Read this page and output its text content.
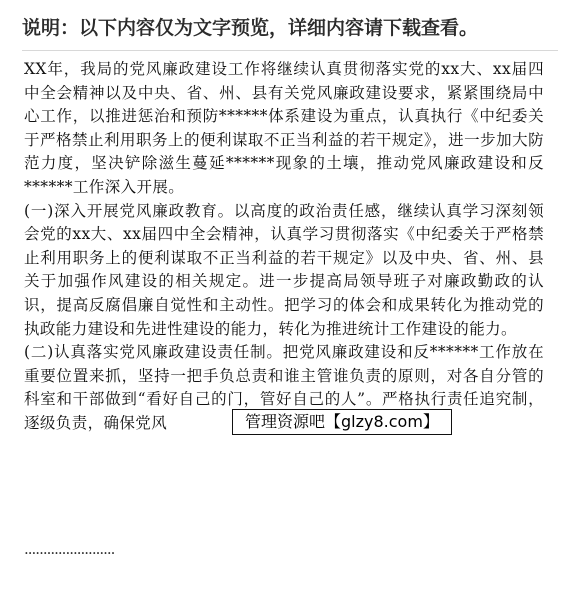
说明：以下内容仅为文字预览，详细内容请下载查看。

XX年，我局的党风廉政建设工作将继续认真贯彻落实党的xx大、xx届四中全会精神以及中央、省、州、县有关党风廉政建设要求，紧紧围绕局中心工作，以推进惩治和预防******体系建设为重点，认真执行《中纪委关于严格禁止利用职务上的便利谋取不正当利益的若干规定》，进一步加大防范力度，坚决铲除滋生蔓延******现象的土壤，推动党风廉政建设和反******工作深入开展。

(一)深入开展党风廉政教育。以高度的政治责任感，继续认真学习深刻领会党的xx大、xx届四中全会精神，认真学习贯彻落实《中纪委关于严格禁止利用职务上的便利谋取不正当利益的若干规定》以及中央、省、州、县关于加强作风建设的相关规定。进一步提高局领导班子对廉政勤政的认识，提高反腐倡廉自觉性和主动性。把学习的体会和成果转化为推动党的执政能力建设和先进性建设的能力，转化为推进统计工作建设的能力。

(二)认真落实党风廉政建设责任制。把党风廉政建设和反******工作放在重要位置来抓，坚持一把手负总责和谁主管谁负责的原则，对各自分管的科室和干部做到“看好自己的门，管好自己的人”。严格执行责任追究制，逐级负责，确保党风

........................
管理资源吧【glzy8.com】
